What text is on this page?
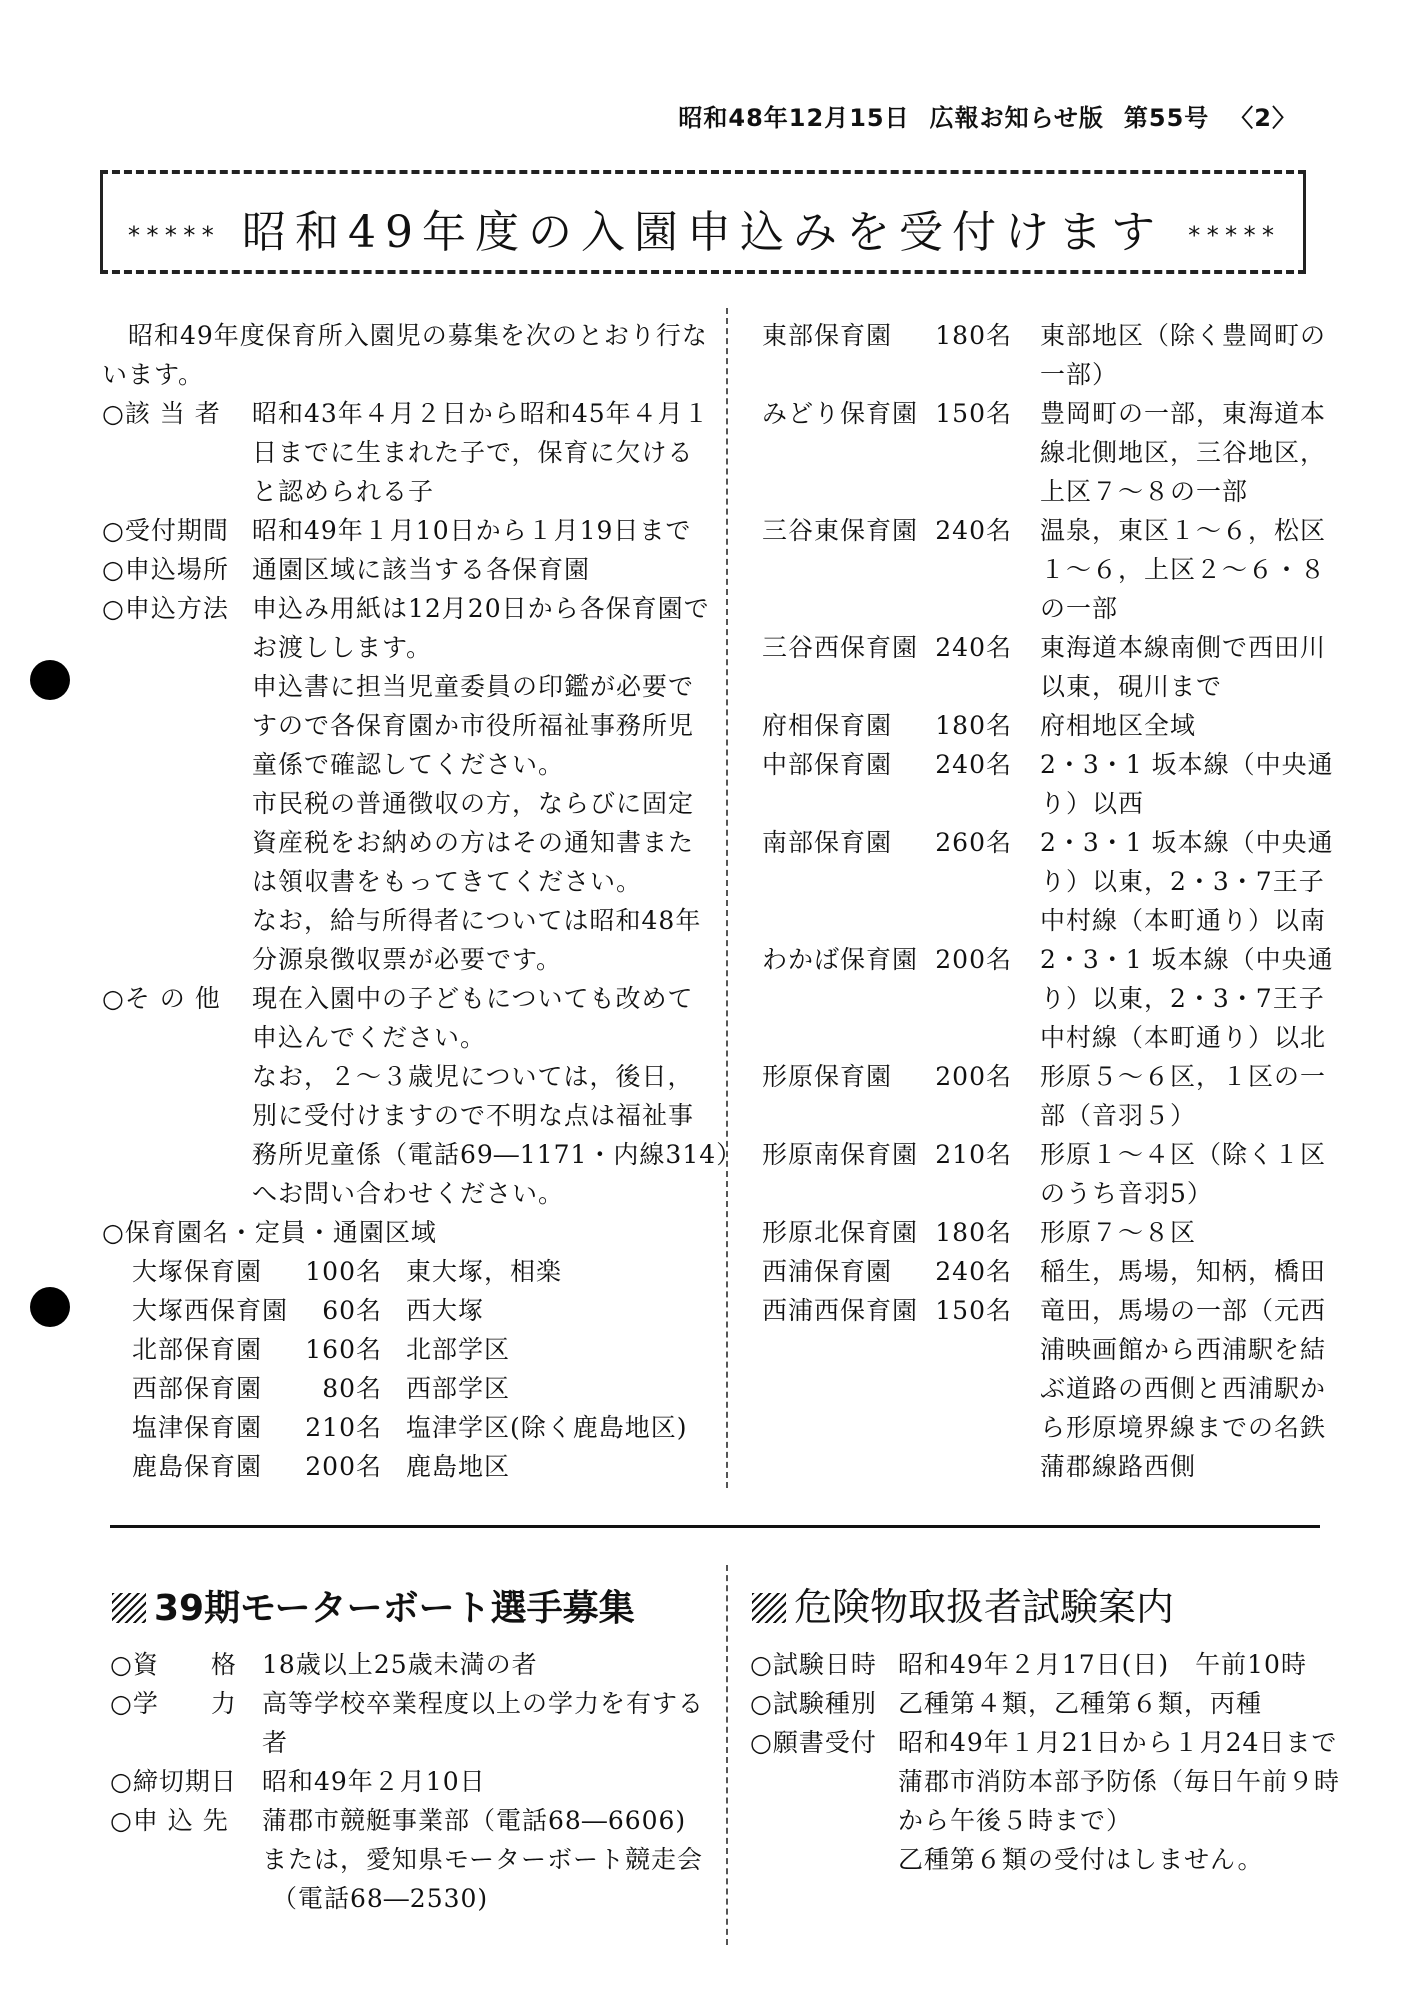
昭和48年12月15日 広報お知らせ版 第55号 〈2〉
***** 昭和49年度の入園申込みを受付けます *****
昭和49年度保育所入園児の募集を次のとおり行な
います。
○該 当 者 昭和43年４月２日から昭和45年４月１
日までに生まれた子で，保育に欠ける
と認められる子
○受付期間 昭和49年１月10日から１月19日まで
○申込場所 通園区域に該当する各保育園
○申込方法 申込み用紙は12月20日から各保育園で
お渡しします。
申込書に担当児童委員の印鑑が必要で
すので各保育園か市役所福祉事務所児
童係で確認してください。
市民税の普通徴収の方，ならびに固定
資産税をお納めの方はその通知書また
は領収書をもってきてください。
なお，給与所得者については昭和48年
分源泉徴収票が必要です。
○そ の 他 現在入園中の子どもについても改めて
申込んでください。
なお，２～３歳児については，後日，
別に受付けますので不明な点は福祉事
務所児童係（電話69―1171・内線314）
へお問い合わせください。
○保育園名・定員・通園区域
大塚保育園 100名 東大塚，相楽
大塚西保育園	60名 西大塚
北部保育園 160名 北部学区
西部保育園	80名 西部学区
塩津保育園 210名 塩津学区(除く鹿島地区)
鹿島保育園 200名 鹿島地区
東部保育園 180名 東部地区（除く豊岡町の
一部）
みどり保育園 150名 豊岡町の一部，東海道本
線北側地区，三谷地区，
上区７～８の一部
三谷東保育園 240名 温泉，東区１～６，松区
１～６，上区２～６・８
の一部
三谷西保育園 240名 東海道本線南側で西田川
以東，硯川まで
府相保育園 180名 府相地区全域
中部保育園 240名 2・3・1 坂本線（中央通
り）以西
南部保育園 260名 2・3・1 坂本線（中央通
り）以東，2・3・7王子
中村線（本町通り）以南
わかば保育園 200名 2・3・1 坂本線（中央通
り）以東，2・3・7王子
中村線（本町通り）以北
形原保育園 200名 形原５～６区，１区の一
部（音羽５）
形原南保育園 210名 形原１～４区（除く１区
のうち音羽5）
形原北保育園 180名 形原７～８区
西浦保育園 240名 稲生，馬場，知柄，橋田
西浦西保育園 150名 竜田，馬場の一部（元西
浦映画館から西浦駅を結
ぶ道路の西側と西浦駅か
ら形原境界線までの名鉄
蒲郡線路西側
39期モーターボート選手募集
○資　　格 18歳以上25歳未満の者
○学　　力 高等学校卒業程度以上の学力を有する
者
○締切期日 昭和49年２月10日
○申 込 先 蒲郡市競艇事業部（電話68―6606)
または，愛知県モーターボート競走会
（電話68―2530)
危険物取扱者試験案内
○試験日時 昭和49年２月17日(日)　午前10時
○試験種別 乙種第４類，乙種第６類，丙種
○願書受付 昭和49年１月21日から１月24日まで
蒲郡市消防本部予防係（毎日午前９時
から午後５時まで）
乙種第６類の受付はしません。
